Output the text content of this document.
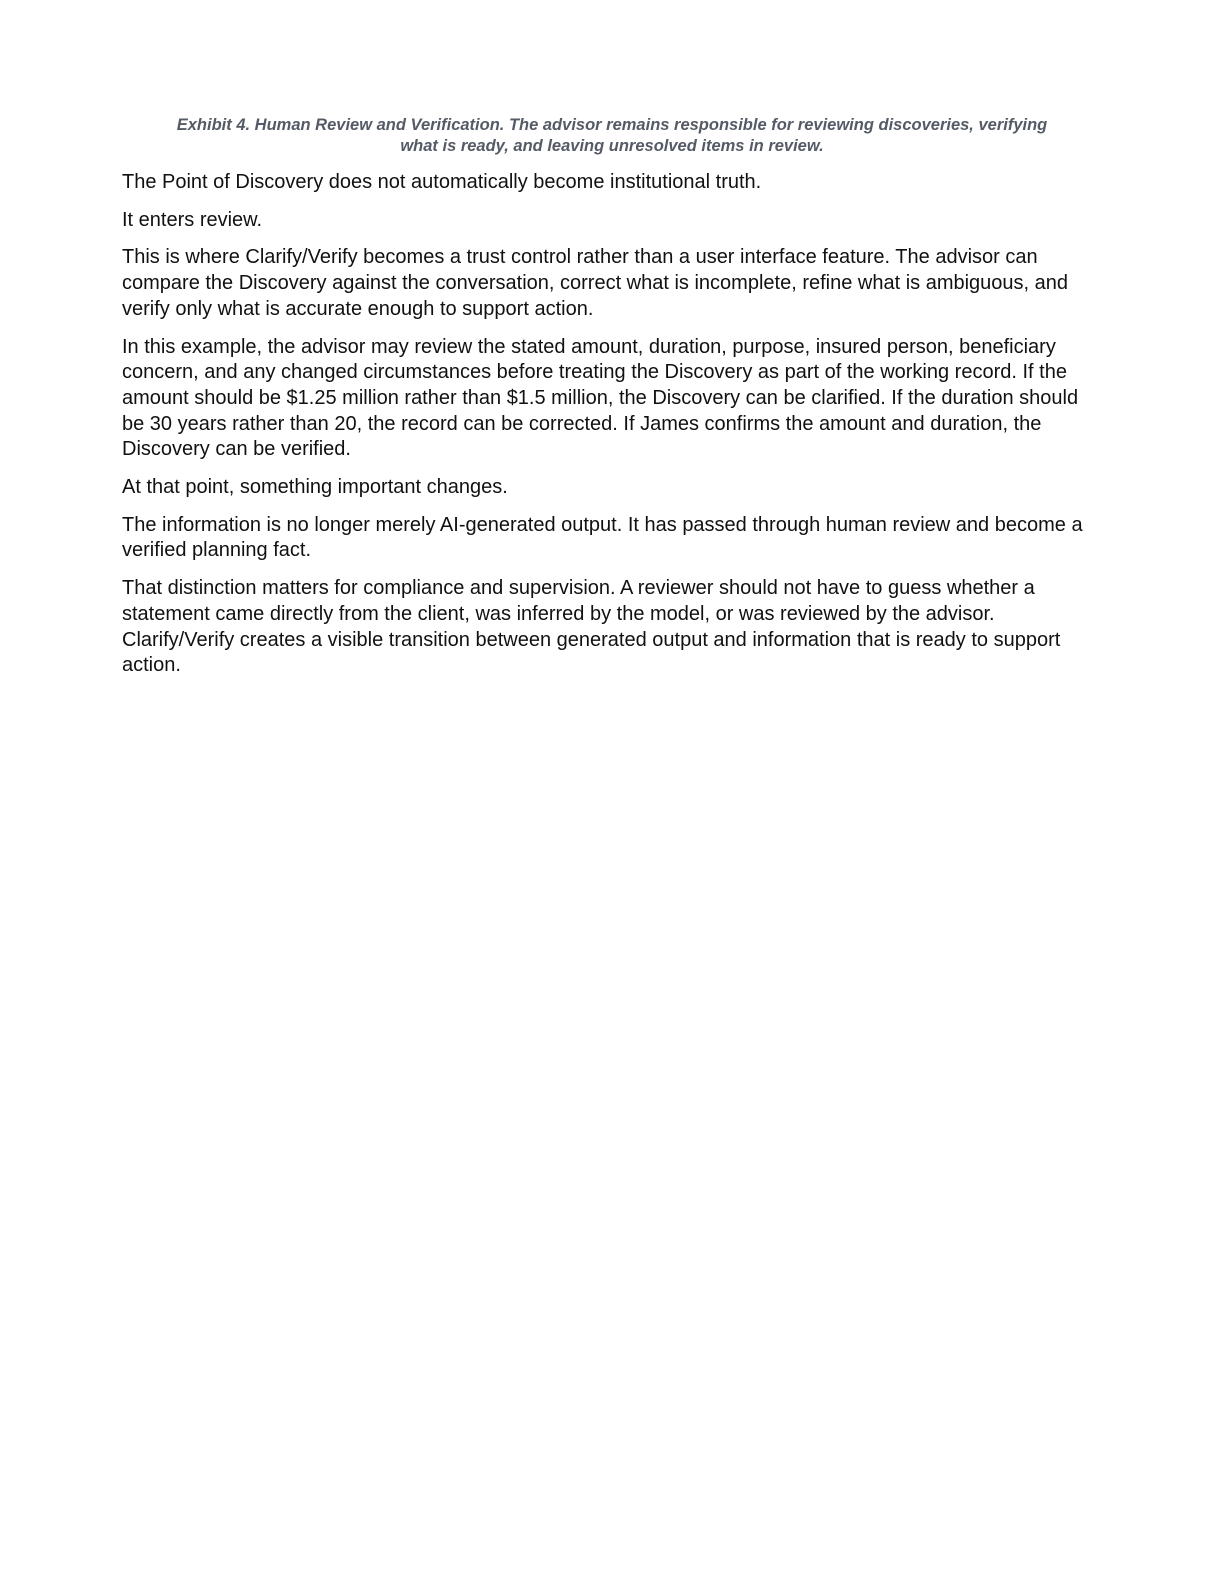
Exhibit 4. Human Review and Verification. The advisor remains responsible for reviewing discoveries, verifying
what is ready, and leaving unresolved items in review.

The Point of Discovery does not automatically become institutional truth.

It enters review.

This is where Clarify/Verify becomes a trust control rather than a user interface feature. The advisor can compare the Discovery against the conversation, correct what is incomplete, refine what is ambiguous, and verify only what is accurate enough to support action.

In this example, the advisor may review the stated amount, duration, purpose, insured person, beneficiary concern, and any changed circumstances before treating the Discovery as part of the working record. If the amount should be $1.25 million rather than $1.5 million, the Discovery can be clarified. If the duration should be 30 years rather than 20, the record can be corrected. If James confirms the amount and duration, the Discovery can be verified.

At that point, something important changes.

The information is no longer merely AI-generated output. It has passed through human review and become a verified planning fact.

That distinction matters for compliance and supervision. A reviewer should not have to guess whether a statement came directly from the client, was inferred by the model, or was reviewed by the advisor. Clarify/Verify creates a visible transition between generated output and information that is ready to support action.
